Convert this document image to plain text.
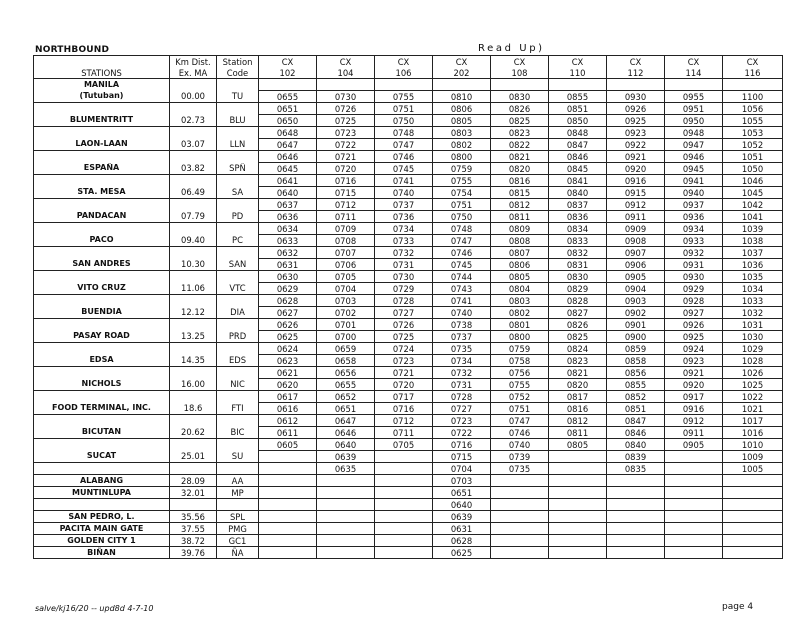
NORTHBOUND	Read Up)
	Km Dist.	Station	CX	CX	CX	CX	CX	CX	CX	CX	CX
STATIONS	Ex. MA	Code	102	104	106	202	108	110	112	114	116
MANILA											
(Tutuban)	00.00	TU	0655	0730	0755	0810	0830	0855	0930	0955	1100
			0651	0726	0751	0806	0826	0851	0926	0951	1056
BLUMENTRITT	02.73	BLU	0650	0725	0750	0805	0825	0850	0925	0950	1055
			0648	0723	0748	0803	0823	0848	0923	0948	1053
LAON-LAAN	03.07	LLN	0647	0722	0747	0802	0822	0847	0922	0947	1052
			0646	0721	0746	0800	0821	0846	0921	0946	1051
ESPAÑA	03.82	SPÑ	0645	0720	0745	0759	0820	0845	0920	0945	1050
			0641	0716	0741	0755	0816	0841	0916	0941	1046
STA. MESA	06.49	SA	0640	0715	0740	0754	0815	0840	0915	0940	1045
			0637	0712	0737	0751	0812	0837	0912	0937	1042
PANDACAN	07.79	PD	0636	0711	0736	0750	0811	0836	0911	0936	1041
			0634	0709	0734	0748	0809	0834	0909	0934	1039
PACO	09.40	PC	0633	0708	0733	0747	0808	0833	0908	0933	1038
			0632	0707	0732	0746	0807	0832	0907	0932	1037
SAN ANDRES	10.30	SAN	0631	0706	0731	0745	0806	0831	0906	0931	1036
			0630	0705	0730	0744	0805	0830	0905	0930	1035
VITO CRUZ	11.06	VTC	0629	0704	0729	0743	0804	0829	0904	0929	1034
			0628	0703	0728	0741	0803	0828	0903	0928	1033
BUENDIA	12.12	DIA	0627	0702	0727	0740	0802	0827	0902	0927	1032
			0626	0701	0726	0738	0801	0826	0901	0926	1031
PASAY ROAD	13.25	PRD	0625	0700	0725	0737	0800	0825	0900	0925	1030
			0624	0659	0724	0735	0759	0824	0859	0924	1029
EDSA	14.35	EDS	0623	0658	0723	0734	0758	0823	0858	0923	1028
			0621	0656	0721	0732	0756	0821	0856	0921	1026
NICHOLS	16.00	NIC	0620	0655	0720	0731	0755	0820	0855	0920	1025
			0617	0652	0717	0728	0752	0817	0852	0917	1022
FOOD TERMINAL, INC.	18.6	FTI	0616	0651	0716	0727	0751	0816	0851	0916	1021
			0612	0647	0712	0723	0747	0812	0847	0912	1017
BICUTAN	20.62	BIC	0611	0646	0711	0722	0746	0811	0846	0911	1016
			0605	0640	0705	0716	0740	0805	0840	0905	1010
SUCAT	25.01	SU		0639		0715	0739		0839		1009
				0635		0704	0735		0835		1005
ALABANG	28.09	AA				0703					
MUNTINLUPA	32.01	MP				0651					
						0640					
SAN PEDRO, L.	35.56	SPL				0639					
PACITA MAIN GATE	37.55	PMG				0631					
GOLDEN CITY 1	38.72	GC1				0628					
BIÑAN	39.76	ÑA				0625					
salve/kj16/20 -- upd8d 4-7-10	page 4
